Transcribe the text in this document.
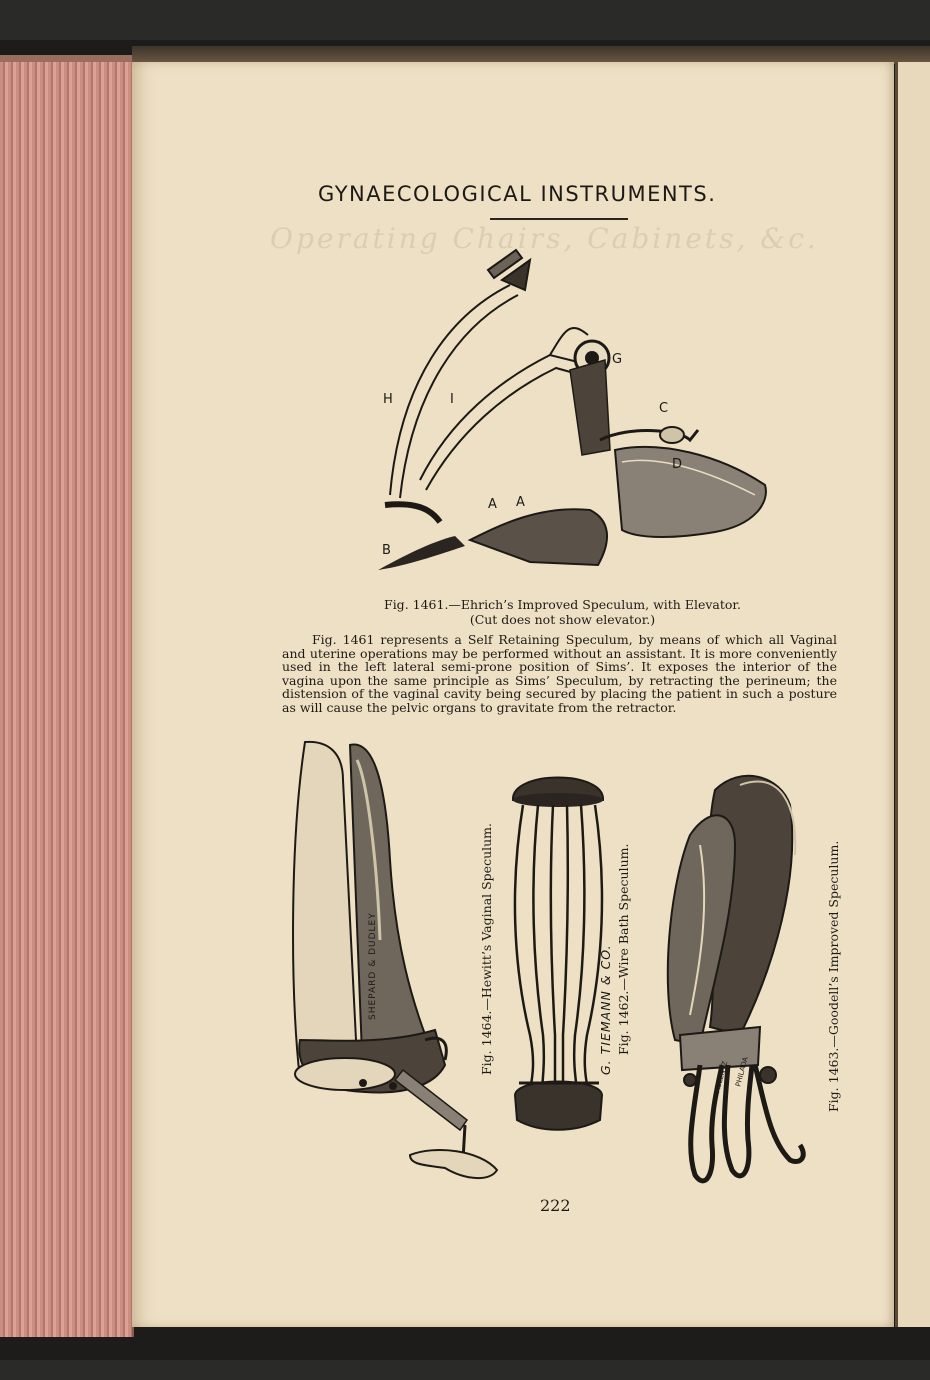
Operating Chairs, Cabinets, &c.
GYNAECOLOGICAL INSTRUMENTS.
H	I
G
C
D
A A
B
Fig. 1461.—Ehrich’s Improved Speculum, with Elevator.
(Cut does not show elevator.)
Fig. 1461 represents a Self Retaining Speculum, by means of which all Vaginal and uterine operations may be performed without an assistant. It is more conveniently used in the left lateral semi-prone position of Sims’. It exposes the interior of the vagina upon the same principle as Sims’ Speculum, by retracting the perineum; the distension of the vaginal cavity being secured by placing the patient in such a posture as will cause the pelvic organs to gravitate from the retractor.
SHEPARD & DUDLEY	Fig. 1464.—Hewitt’s Vaginal Speculum.	G. TIEMANN & CO. Fig. 1462.—Wire Bath Speculum.
KASLENTZ PHILADA	Fig. 1463.—Goodell’s Improved Speculum.
222
